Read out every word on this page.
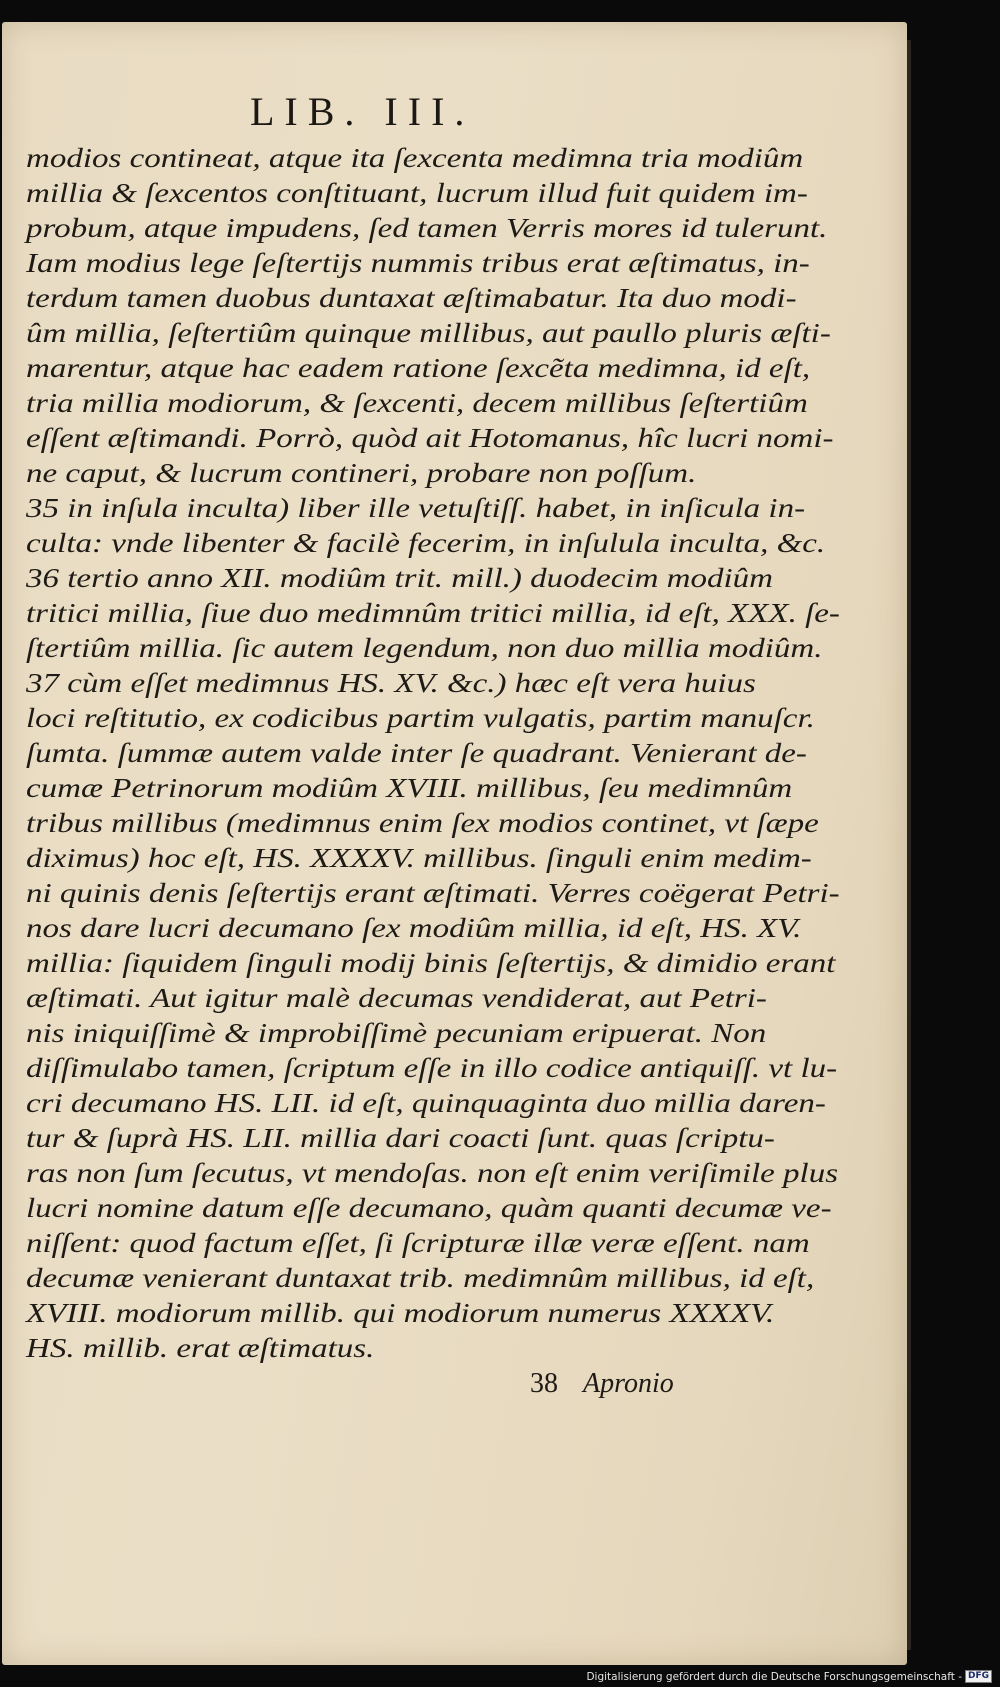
LIB. III.
modios contineat, atque ita ſexcenta medimna tria modiûm
millia & ſexcentos conſtituant, lucrum illud fuit quidem im-
probum, atque impudens, ſed tamen Verris mores id tulerunt.
Iam modius lege ſeſtertijs nummis tribus erat æſtimatus, in-
terdum tamen duobus duntaxat æſtimabatur. Ita duo modi-
ûm millia, ſeſtertiûm quinque millibus, aut paullo pluris æſti-
marentur, atque hac eadem ratione ſexcẽta medimna, id eſt,
tria millia modiorum, & ſexcenti, decem millibus ſeſtertiûm
eſſent æſtimandi. Porrò, quòd ait Hotomanus, hîc lucri nomi-
ne caput, & lucrum contineri, probare non poſſum.
35 in inſula inculta) liber ille vetuſtiſſ. habet, in inſicula in-
culta: vnde libenter & facilè fecerim, in inſulula inculta, &c.
36 tertio anno XII. modiûm trit. mill.) duodecim modiûm
tritici millia, ſiue duo medimnûm tritici millia, id eſt, XXX. ſe-
ſtertiûm millia. ſic autem legendum, non duo millia modiûm.
37 cùm eſſet medimnus HS. XV. &c.) hæc eſt vera huius
loci reſtitutio, ex codicibus partim vulgatis, partim manuſcr.
ſumta. ſummæ autem valde inter ſe quadrant. Venierant de-
cumæ Petrinorum modiûm XVIII. millibus, ſeu medimnûm
tribus millibus (medimnus enim ſex modios continet, vt ſæpe
diximus) hoc eſt, HS. XXXXV. millibus. ſinguli enim medim-
ni quinis denis ſeſtertijs erant æſtimati. Verres coëgerat Petri-
nos dare lucri decumano ſex modiûm millia, id eſt, HS. XV.
millia: ſiquidem ſinguli modij binis ſeſtertijs, & dimidio erant
æſtimati. Aut igitur malè decumas vendiderat, aut Petri-
nis iniquiſſimè & improbiſſimè pecuniam eripuerat. Non
diſſimulabo tamen, ſcriptum eſſe in illo codice antiquiſſ. vt lu-
cri decumano HS. LII. id eſt, quinquaginta duo millia daren-
tur & ſuprà HS. LII. millia dari coacti ſunt. quas ſcriptu-
ras non ſum ſecutus, vt mendoſas. non eſt enim veriſimile plus
lucri nomine datum eſſe decumano, quàm quanti decumæ ve-
niſſent: quod factum eſſet, ſi ſcripturæ illæ veræ eſſent. nam
decumæ venierant duntaxat trib. medimnûm millibus, id eſt,
XVIII. modiorum millib. qui modiorum numerus XXXXV.
HS. millib. erat æſtimatus.
38 Apronio
Digitalisierung gefördert durch die Deutsche Forschungsgemeinschaft - DFG
